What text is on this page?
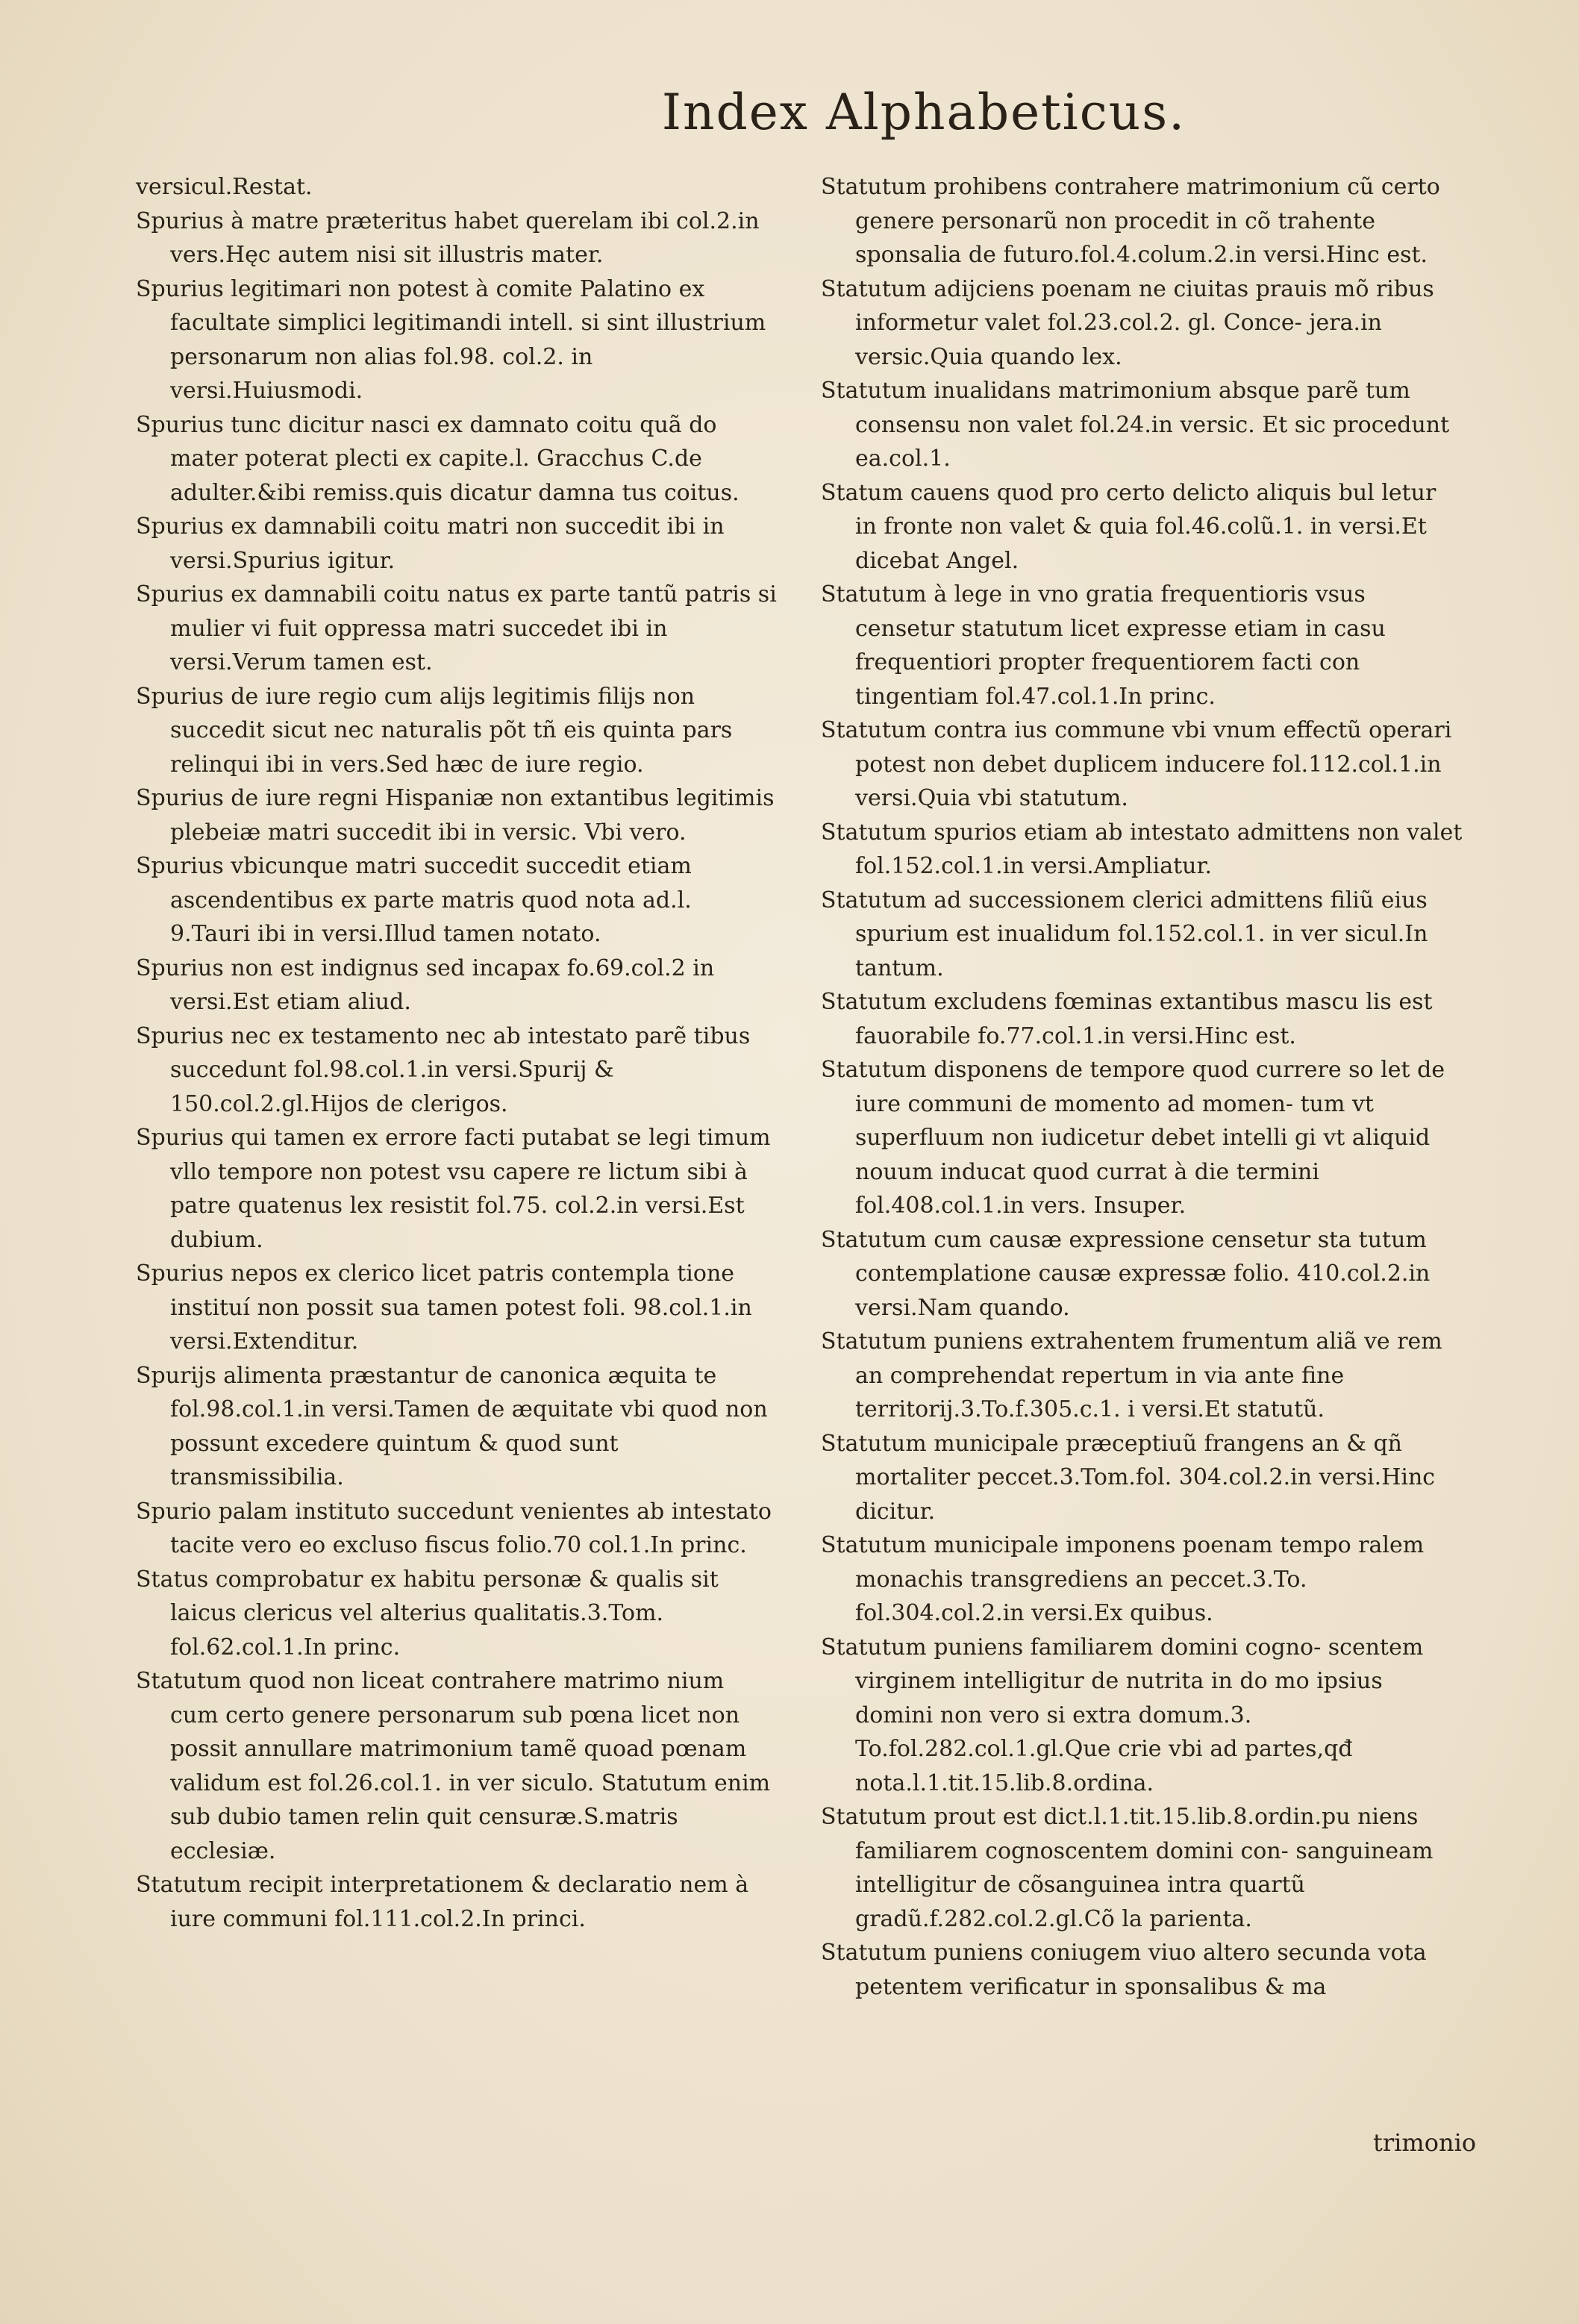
Index Alphabeticus.

versicul.Restat.

Spurius à matre præteritus habet querelam ibi col.2.in vers.Hęc autem nisi sit illustris mater.

Spurius legitimari non potest à comite Palatino ex facultate simplici legitimandi intell. si sint illustrium personarum non alias fol.98. col.2. in versi.Huiusmodi.

Spurius tunc dicitur nasci ex damnato coitu quã do mater poterat plecti ex capite.l. Gracchus C.de adulter.&ibi remiss.quis dicatur damna tus coitus.

Spurius ex damnabili coitu matri non succedit ibi in versi.Spurius igitur.

Spurius ex damnabili coitu natus ex parte tantũ patris si mulier vi fuit oppressa matri succedet ibi in versi.Verum tamen est.

Spurius de iure regio cum alijs legitimis filijs non succedit sicut nec naturalis põt tñ eis quinta pars relinqui ibi in vers.Sed hæc de iure regio.

Spurius de iure regni Hispaniæ non extantibus legitimis plebeiæ matri succedit ibi in versic. Vbi vero.

Spurius vbicunque matri succedit succedit etiam ascendentibus ex parte matris quod nota ad.l. 9.Tauri ibi in versi.Illud tamen notato.

Spurius non est indignus sed incapax fo.69.col.2 in versi.Est etiam aliud.

Spurius nec ex testamento nec ab intestato parẽ tibus succedunt fol.98.col.1.in versi.Spurij & 150.col.2.gl.Hijos de clerigos.

Spurius qui tamen ex errore facti putabat se legi timum vllo tempore non potest vsu capere re lictum sibi à patre quatenus lex resistit fol.75. col.2.in versi.Est dubium.

Spurius nepos ex clerico licet patris contempla tione instituí non possit sua tamen potest foli. 98.col.1.in versi.Extenditur.

Spurijs alimenta præstantur de canonica æquita te fol.98.col.1.in versi.Tamen de æquitate vbi quod non possunt excedere quintum & quod sunt transmissibilia.

Spurio palam instituto succedunt venientes ab intestato tacite vero eo excluso fiscus folio.70 col.1.In princ.

Status comprobatur ex habitu personæ & qualis sit laicus clericus vel alterius qualitatis.3.Tom. fol.62.col.1.In princ.

Statutum quod non liceat contrahere matrimo nium cum certo genere personarum sub pœna licet non possit annullare matrimonium tamẽ quoad pœnam validum est fol.26.col.1. in ver siculo. Statutum enim sub dubio tamen relin quit censuræ.S.matris ecclesiæ.

Statutum recipit interpretationem & declaratio nem à iure communi fol.111.col.2.In princi.

Statutum prohibens contrahere matrimonium cũ certo genere personarũ non procedit in cõ trahente sponsalia de futuro.fol.4.colum.2.in versi.Hinc est.

Statutum adijciens poenam ne ciuitas prauis mõ ribus informetur valet fol.23.col.2. gl. Conce- jera.in versic.Quia quando lex.

Statutum inualidans matrimonium absque parẽ tum consensu non valet fol.24.in versic. Et sic procedunt ea.col.1.

Statum cauens quod pro certo delicto aliquis bul letur in fronte non valet & quia fol.46.colũ.1. in versi.Et dicebat Angel.

Statutum à lege in vno gratia frequentioris vsus censetur statutum licet expresse etiam in casu frequentiori propter frequentiorem facti con tingentiam fol.47.col.1.In princ.

Statutum contra ius commune vbi vnum effectũ operari potest non debet duplicem inducere fol.112.col.1.in versi.Quia vbi statutum.

Statutum spurios etiam ab intestato admittens non valet fol.152.col.1.in versi.Ampliatur.

Statutum ad successionem clerici admittens filiũ eius spurium est inualidum fol.152.col.1. in ver sicul.In tantum.

Statutum excludens fœminas extantibus mascu lis est fauorabile fo.77.col.1.in versi.Hinc est.

Statutum disponens de tempore quod currere so let de iure communi de momento ad momen- tum vt superfluum non iudicetur debet intelli gi vt aliquid nouum inducat quod currat à die termini fol.408.col.1.in vers. Insuper.

Statutum cum causæ expressione censetur sta tutum contemplatione causæ expressæ folio. 410.col.2.in versi.Nam quando.

Statutum puniens extrahentem frumentum aliã ve rem an comprehendat repertum in via ante fine territorij.3.To.f.305.c.1. i versi.Et statutũ.

Statutum municipale præceptiuũ frangens an & qñ mortaliter peccet.3.Tom.fol. 304.col.2.in versi.Hinc dicitur.

Statutum municipale imponens poenam tempo ralem monachis transgrediens an peccet.3.To. fol.304.col.2.in versi.Ex quibus.

Statutum puniens familiarem domini cogno- scentem virginem intelligitur de nutrita in do mo ipsius domini non vero si extra domum.3. To.fol.282.col.1.gl.Que crie vbi ad partes,qđ nota.l.1.tit.15.lib.8.ordina.

Statutum prout est dict.l.1.tit.15.lib.8.ordin.pu niens familiarem cognoscentem domini con- sanguineam intelligitur de cõsanguinea intra quartũ gradũ.f.282.col.2.gl.Cõ la parienta.

Statutum puniens coniugem viuo altero secunda vota petentem verificatur in sponsalibus & ma

trimonio
